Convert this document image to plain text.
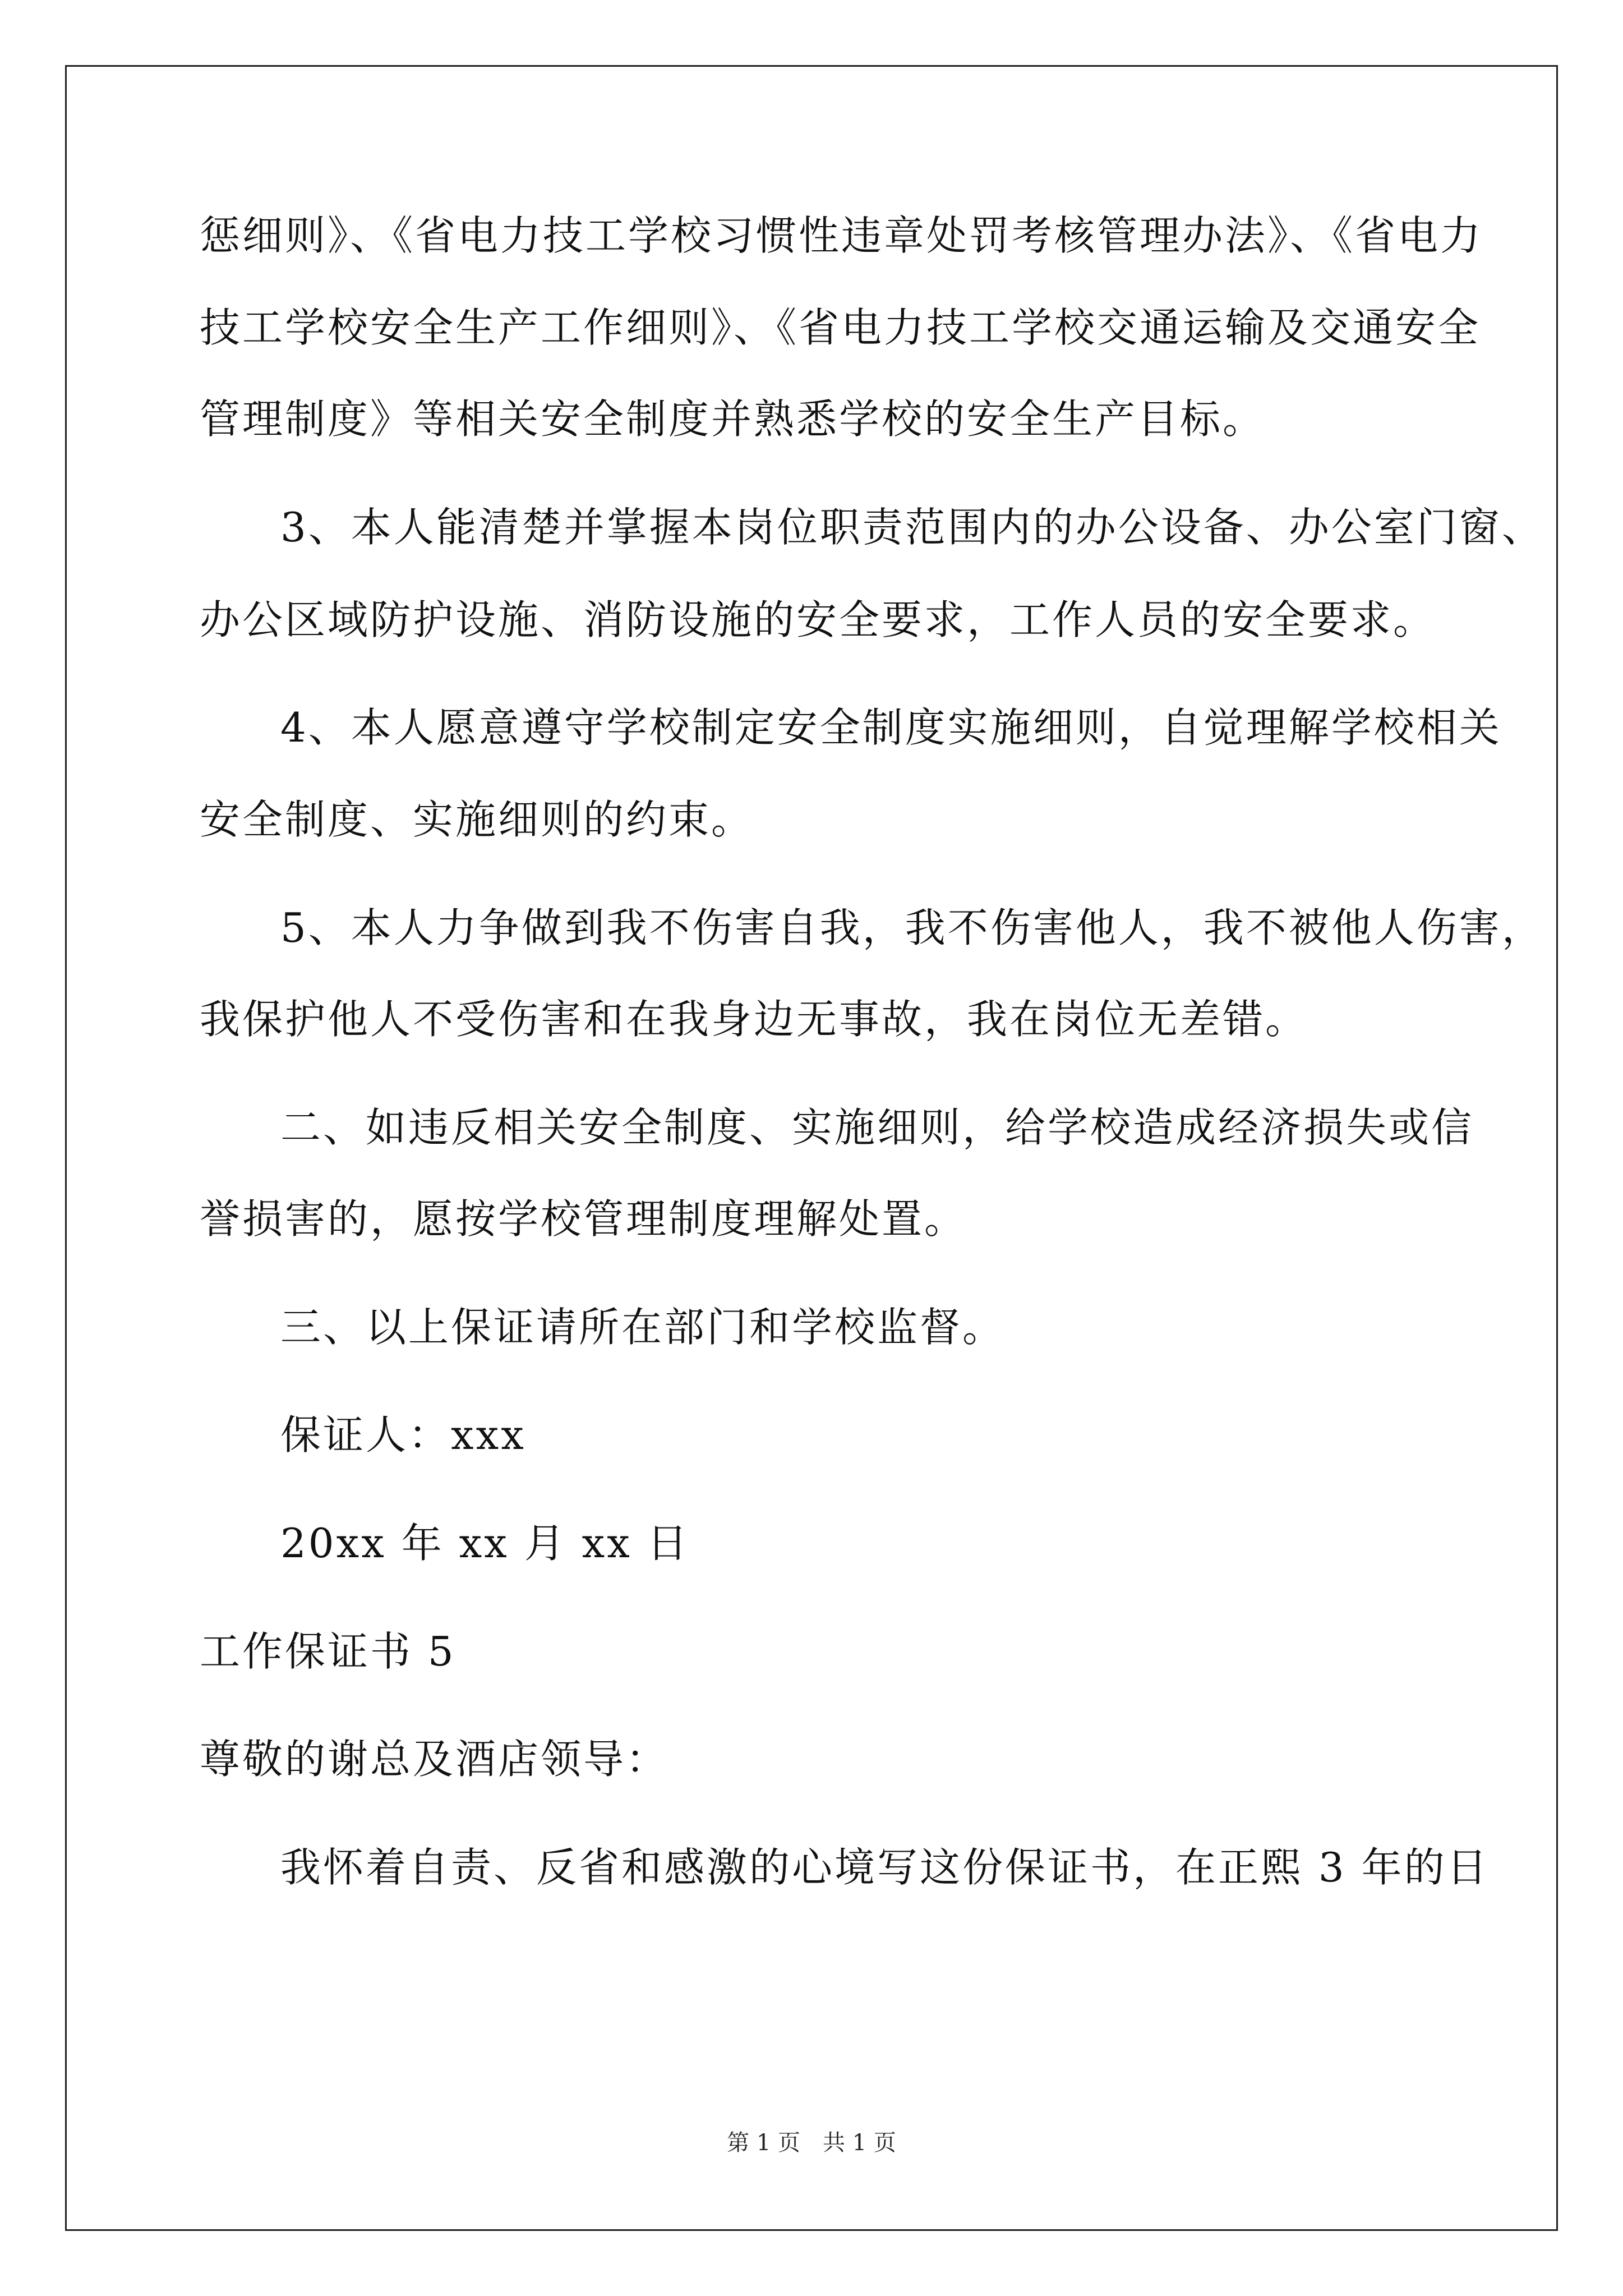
惩细则》、《省电力技工学校习惯性违章处罚考核管理办法》、《省电力
技工学校安全生产工作细则》、《省电力技工学校交通运输及交通安全
管理制度》等相关安全制度并熟悉学校的安全生产目标。
3、本人能清楚并掌握本岗位职责范围内的办公设备、办公室门窗、
办公区域防护设施、消防设施的安全要求，工作人员的安全要求。
4、本人愿意遵守学校制定安全制度实施细则，自觉理解学校相关
安全制度、实施细则的约束。
5、本人力争做到我不伤害自我，我不伤害他人，我不被他人伤害，
我保护他人不受伤害和在我身边无事故，我在岗位无差错。
二、如违反相关安全制度、实施细则，给学校造成经济损失或信
誉损害的，愿按学校管理制度理解处置。
三、以上保证请所在部门和学校监督。
保证人：xxx
20xx 年 xx 月 xx 日
工作保证书 5
尊敬的谢总及酒店领导：
我怀着自责、反省和感激的心境写这份保证书，在正熙 3 年的日
第 1 页　共 1 页
